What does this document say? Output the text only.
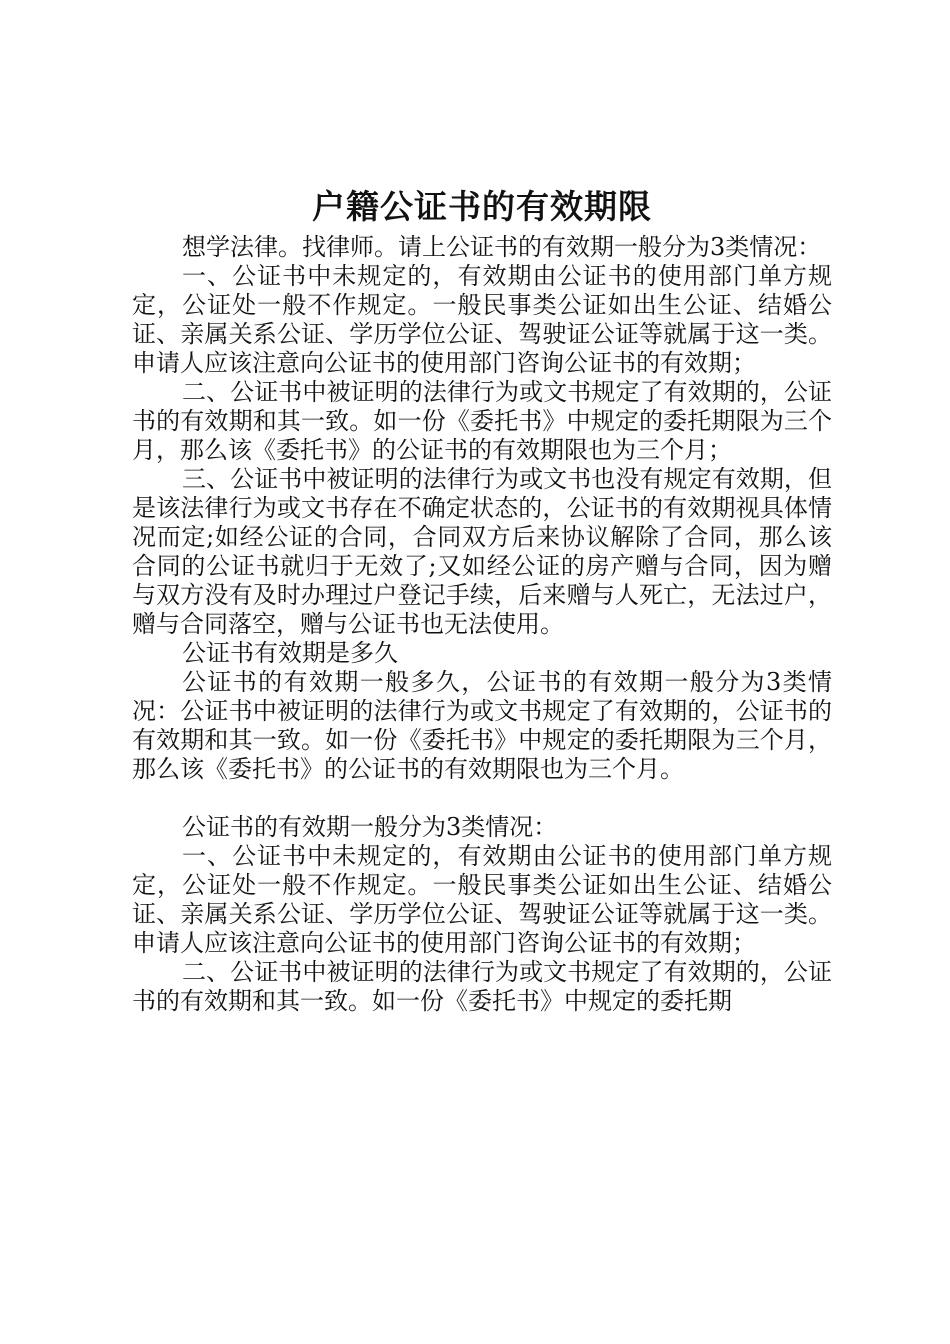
户籍公证书的有效期限

想学法律。找律师。请上公证书的有效期一般分为3类情况：

一、公证书中未规定的，有效期由公证书的使用部门单方规定，公证处一般不作规定。一般民事类公证如出生公证、结婚公证、亲属关系公证、学历学位公证、驾驶证公证等就属于这一类。申请人应该注意向公证书的使用部门咨询公证书的有效期；

二、公证书中被证明的法律行为或文书规定了有效期的，公证书的有效期和其一致。如一份《委托书》中规定的委托期限为三个月，那么该《委托书》的公证书的有效期限也为三个月；

三、公证书中被证明的法律行为或文书也没有规定有效期，但是该法律行为或文书存在不确定状态的，公证书的有效期视具体情况而定;如经公证的合同，合同双方后来协议解除了合同，那么该合同的公证书就归于无效了;又如经公证的房产赠与合同，因为赠与双方没有及时办理过户登记手续，后来赠与人死亡，无法过户，赠与合同落空，赠与公证书也无法使用。

公证书有效期是多久

公证书的有效期一般多久，公证书的有效期一般分为3类情况：公证书中被证明的法律行为或文书规定了有效期的，公证书的有效期和其一致。如一份《委托书》中规定的委托期限为三个月，那么该《委托书》的公证书的有效期限也为三个月。

公证书的有效期一般分为3类情况：

一、公证书中未规定的，有效期由公证书的使用部门单方规定，公证处一般不作规定。一般民事类公证如出生公证、结婚公证、亲属关系公证、学历学位公证、驾驶证公证等就属于这一类。申请人应该注意向公证书的使用部门咨询公证书的有效期；

二、公证书中被证明的法律行为或文书规定了有效期的，公证书的有效期和其一致。如一份《委托书》中规定的委托期
